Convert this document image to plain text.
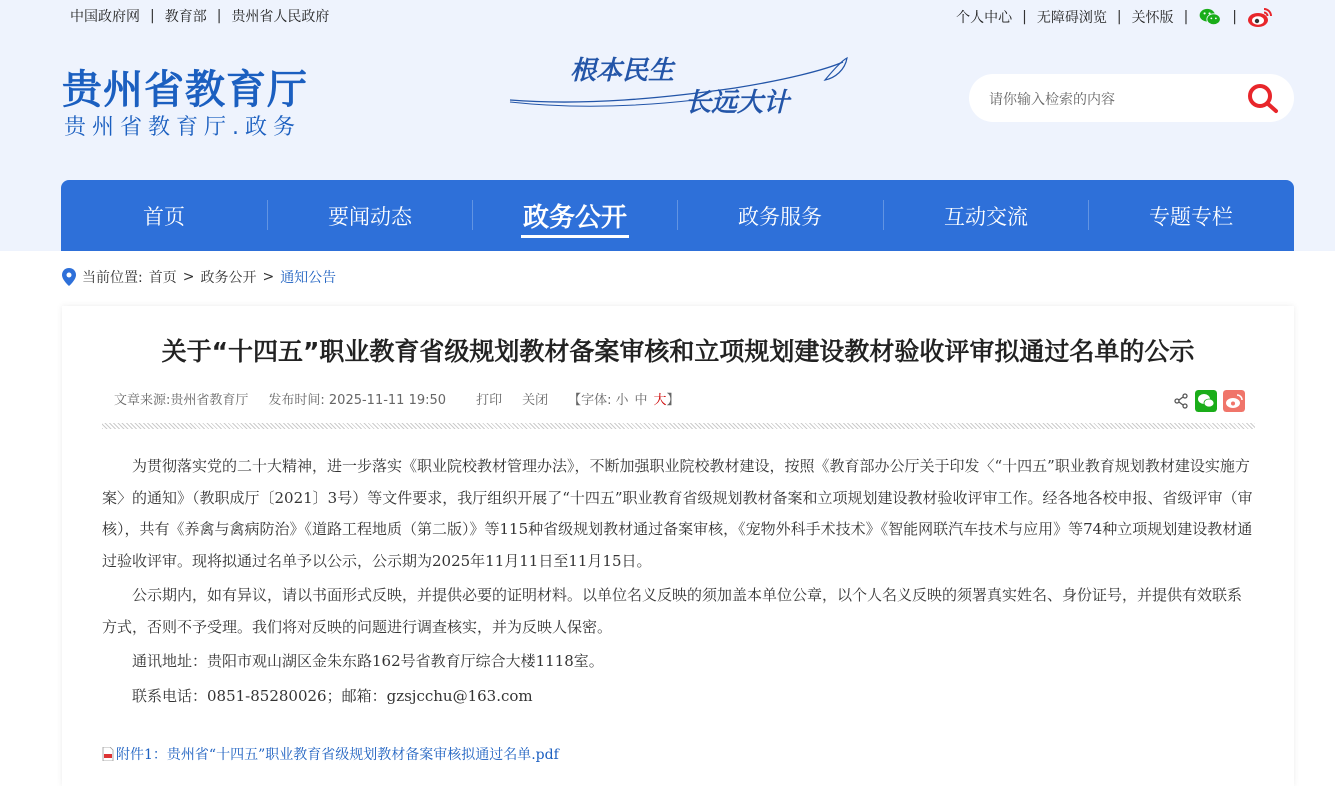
中国政府网 | 教育部 | 贵州省人民政府	个人中心 | 无障碍浏览 | 关怀版 |	|
贵州省教育厅
贵州省教育厅.政务
根本民生
长远大计
请你输入检索的内容
首页	要闻动态	政务公开	政务服务	互动交流	专题专栏
当前位置: 首页 > 政务公开 > 通知公告
关于“十四五”职业教育省级规划教材备案审核和立项规划建设教材验收评审拟通过名单的公示
文章来源:贵州省教育厅 发布时间: 2025-11-11 19:50 打印 关闭 【字体: 小 中 大 】

为贯彻落实党的二十大精神，进一步落实《职业院校教材管理办法》，不断加强职业院校教材建设，按照《教育部办公厅关于印发〈“十四五”职业教育规划教材建设实施方案〉的通知》（教职成厅〔2021〕3号）等文件要求，我厅组织开展了“十四五”职业教育省级规划教材备案和立项规划建设教材验收评审工作。经各地各校申报、省级评审（审核），共有《养禽与禽病防治》《道路工程地质（第二版）》等115种省级规划教材通过备案审核，《宠物外科手术技术》《智能网联汽车技术与应用》等74种立项规划建设教材通过验收评审。现将拟通过名单予以公示，公示期为2025年11月11日至11月15日。

公示期内，如有异议，请以书面形式反映，并提供必要的证明材料。以单位名义反映的须加盖本单位公章，以个人名义反映的须署真实姓名、身份证号，并提供有效联系方式，否则不予受理。我们将对反映的问题进行调查核实，并为反映人保密。

通讯地址：贵阳市观山湖区金朱东路162号省教育厅综合大楼1118室。

联系电话：0851-85280026；邮箱：gzsjcchu@163.com

附件1：贵州省“十四五”职业教育省级规划教材备案审核拟通过名单.pdf
